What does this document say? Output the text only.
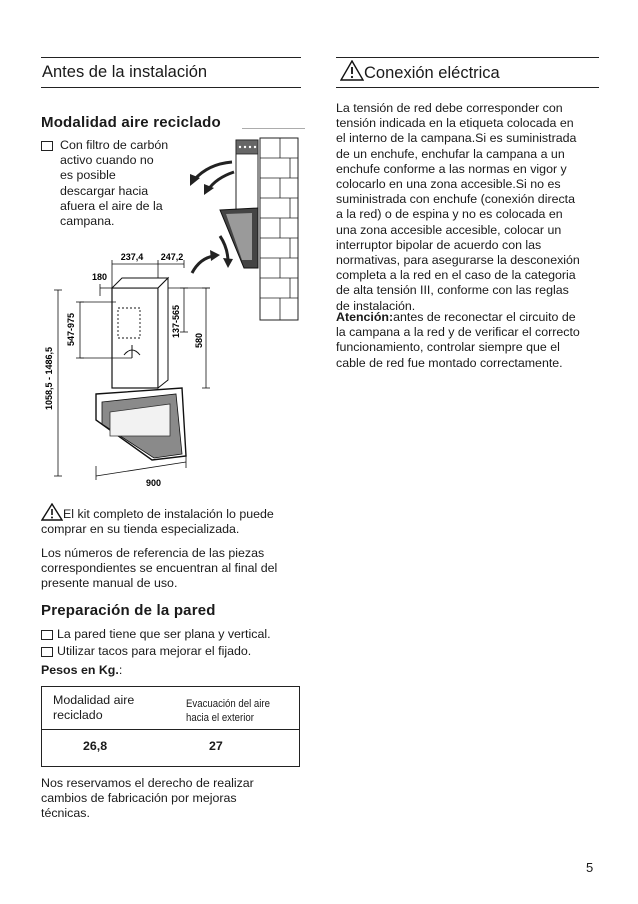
Antes de la instalación
Modalidad aire reciclado
Con filtro de carbón
activo cuando no
es posible
descargar hacia
afuera el aire de la
campana.
237,4 247,2
180
547-975	137-565
580
1058,5 - 1486,5
900
El kit completo de instalación lo puede
comprar en su tienda especializada.
Los números de referencia de las piezas
correspondientes se encuentran al final del
presente manual de uso.
Preparación de la pared
La pared tiene que ser plana y vertical.
Utilizar tacos para mejorar el fijado.
Pesos en Kg.:
Modalidad aire
reciclado
Evacuación del aire
hacia el exterior
26,8	27
Nos reservamos el derecho de realizar
cambios de fabricación por mejoras
técnicas.
Conexión eléctrica
La tensión de red debe corresponder con
tensión indicada en la etiqueta colocada en
el interno de la campana.Si es suministrada
de un enchufe, enchufar la campana a un
enchufe conforme a las normas en vigor y
colocarlo en una zona accesible.Si no es
suministrada con enchufe (conexión directa
a la red) o de espina y no es colocada en
una zona accesible accesible, colocar un
interruptor bipolar de acuerdo con las
normativas, para asegurarse la desconexión
completa a la red en el caso de la categoria
de alta tensión III, conforme con las reglas
de instalación.
Atención:antes de reconectar el circuito de
la campana a la red y de verificar el correcto
funcionamiento, controlar siempre que el
cable de red fue montado correctamente.
5
